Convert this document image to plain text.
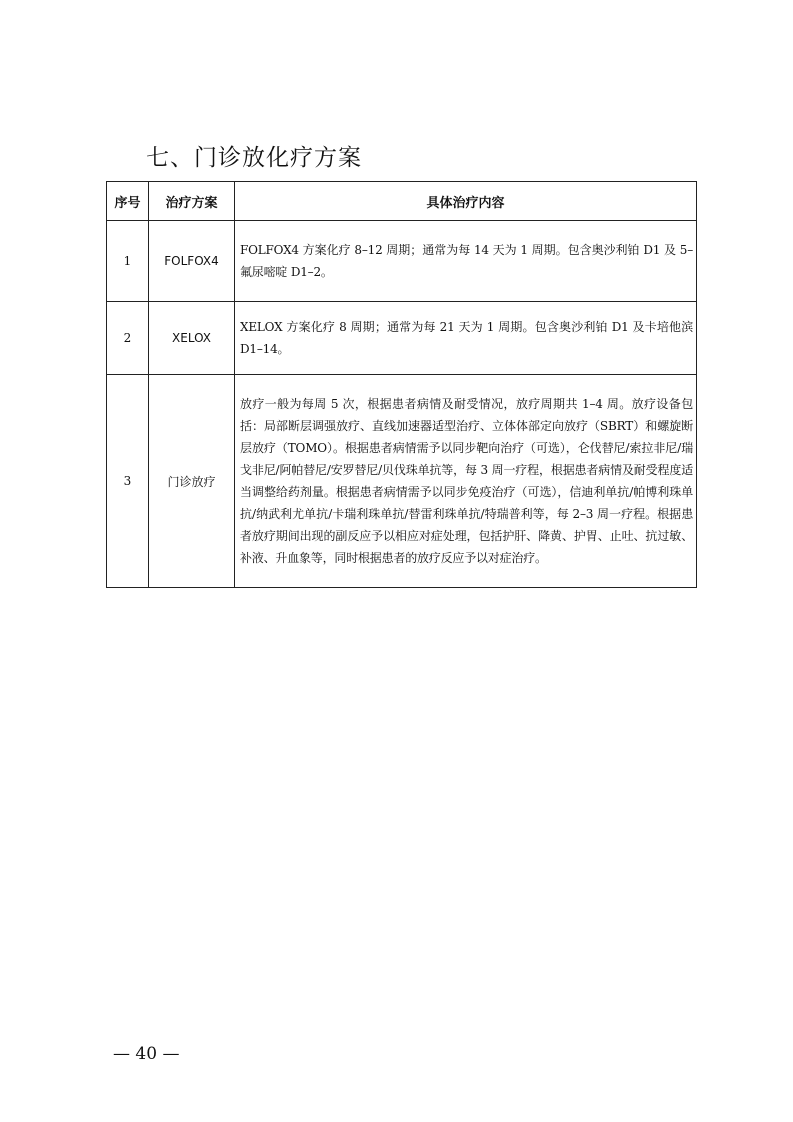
七、门诊放化疗方案
序号	治疗方案	具体治疗内容
1	FOLFOX4	FOLFOX4 方案化疗 8–12 周期；通常为每 14 天为 1 周期。包含奥沙利铂 D1 及 5–氟尿嘧啶 D1–2。
2	XELOX	XELOX 方案化疗 8 周期；通常为每 21 天为 1 周期。包含奥沙利铂 D1 及卡培他滨 D1–14。
3	门诊放疗	放疗一般为每周 5 次，根据患者病情及耐受情况，放疗周期共 1–4 周。放疗设备包括：局部断层调强放疗、直线加速器适型治疗、立体体部定向放疗（SBRT）和螺旋断层放疗（TOMO）。根据患者病情需予以同步靶向治疗（可选），仑伐替尼/索拉非尼/瑞戈非尼/阿帕替尼/安罗替尼/贝伐珠单抗等，每 3 周一疗程，根据患者病情及耐受程度适当调整给药剂量。根据患者病情需予以同步免疫治疗（可选），信迪利单抗/帕博利珠单抗/纳武利尤单抗/卡瑞利珠单抗/替雷利珠单抗/特瑞普利等，每 2–3 周一疗程。根据患者放疗期间出现的副反应予以相应对症处理，包括护肝、降黄、护胃、止吐、抗过敏、补液、升血象等，同时根据患者的放疗反应予以对症治疗。
— 40 —
